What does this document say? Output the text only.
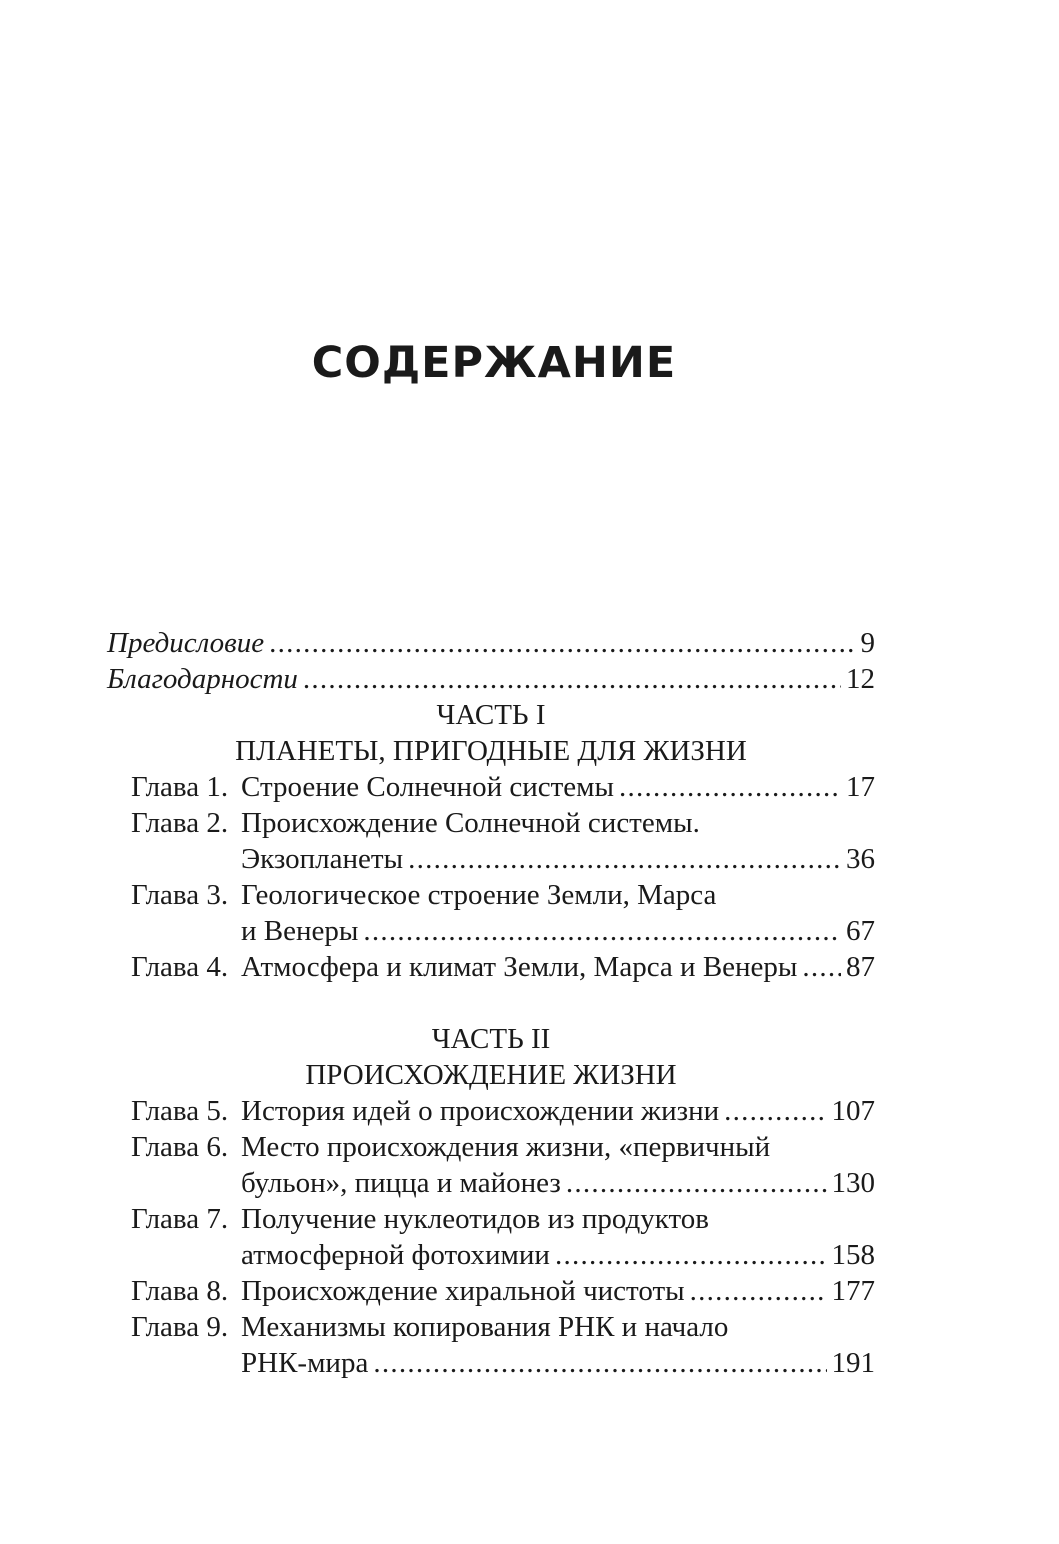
СОДЕРЖАНИЕ
Предисловие . . .	9
Благодарности . . .	12
ЧАСТЬ I
ПЛАНЕТЫ, ПРИГОДНЫЕ ДЛЯ ЖИЗНИ
Глава 1. Строение Солнечной системы . . .	17
Глава 2. Происхождение Солнечной системы.
Экзопланеты . . .	36
Глава 3. Геологическое строение Земли, Марса
и Венеры . . .	67
Глава 4. Атмосфера и климат Земли, Марса и Венеры . . . 87
ЧАСТЬ II
ПРОИСХОЖДЕНИЕ ЖИЗНИ
Глава 5. История идей о происхождении жизни . . .	107
Глава 6. Место происхождения жизни, «первичный
бульон», пицца и майонез . . .	130
Глава 7. Получение нуклеотидов из продуктов
атмосферной фотохимии . . .	158
Глава 8. Происхождение хиральной чистоты . . .	177
Глава 9. Механизмы копирования РНК и начало
РНК-мира . . .	191
